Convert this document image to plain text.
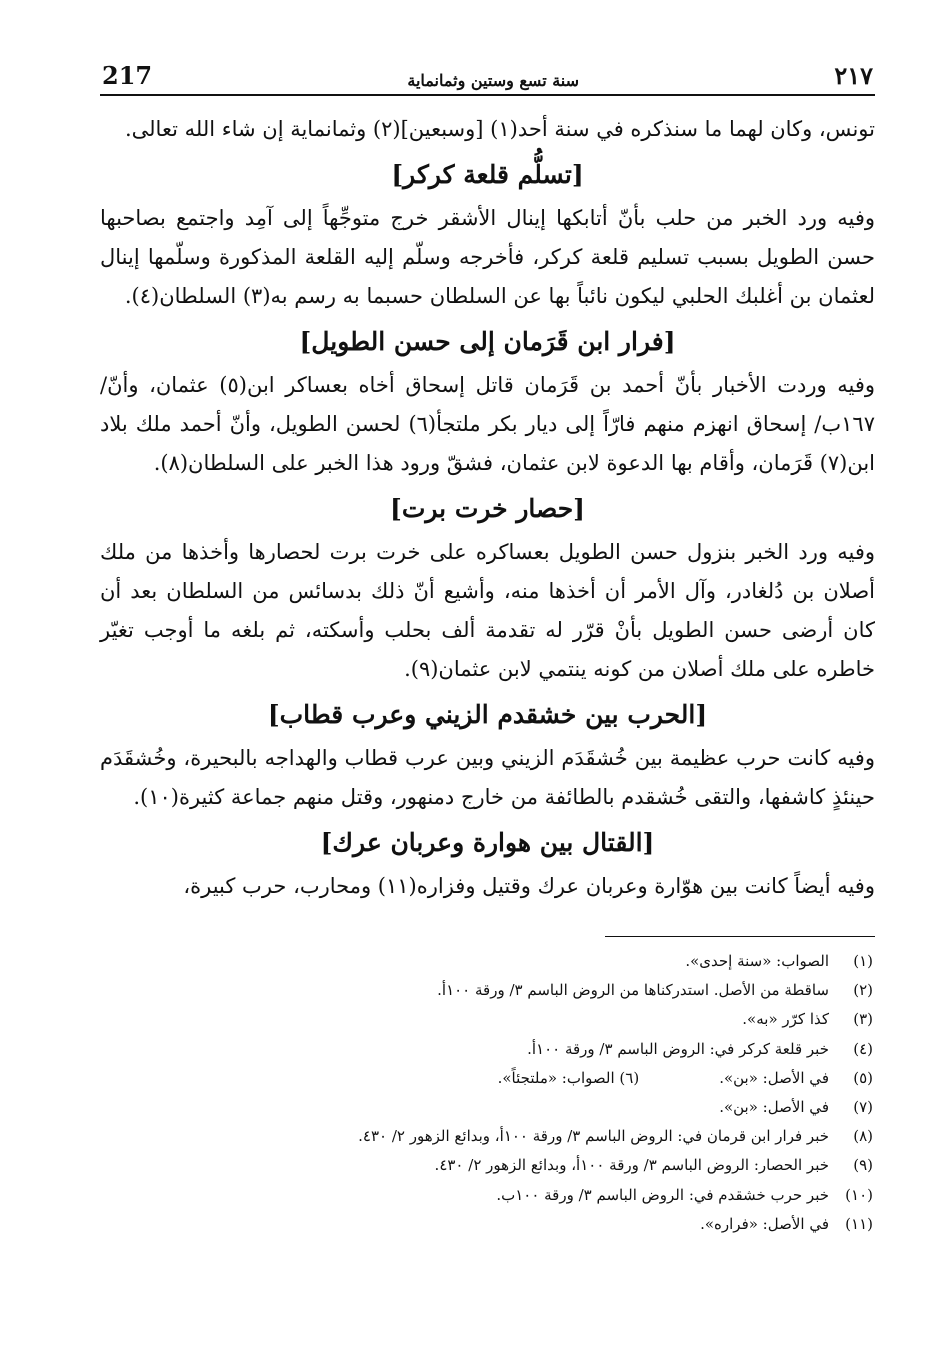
217	سنة تسع وستين وثمانماية	٢١٧

تونس، وكان لهما ما سنذكره في سنة أحد(١) [وسبعين](٢) وثمانماية إن شاء الله تعالى.

[تسلُّم قلعة كركر]

وفيه ورد الخبر من حلب بأنّ أتابكها إينال الأشقر خرج متوجِّهاً إلى آمِد واجتمع بصاحبها حسن الطويل بسبب تسليم قلعة كركر، فأخرجه وسلّم إليه القلعة المذكورة وسلّمها إينال لعثمان بن أغلبك الحلبي ليكون نائباً بها عن السلطان حسبما به رسم به(٣) السلطان(٤).

[فرار ابن قَرَمان إلى حسن الطويل]

وفيه وردت الأخبار بأنّ أحمد بن قَرَمان قاتل إسحاق أخاه بعساكر ابن(٥) عثمان، وأنّ/ ١٦٧ب/ إسحاق انهزم منهم فارّاً إلى ديار بكر ملتجأ(٦) لحسن الطويل، وأنّ أحمد ملك بلاد ابن(٧) قَرَمان، وأقام بها الدعوة لابن عثمان، فشقّ ورود هذا الخبر على السلطان(٨).

[حصار خرت برت]

وفيه ورد الخبر بنزول حسن الطويل بعساكره على خرت برت لحصارها وأخذها من ملك أصلان بن دُلغادر، وآل الأمر أن أخذها منه، وأشيع أنّ ذلك بدسائس من السلطان بعد أن كان أرضى حسن الطويل بأنْ قرّر له تقدمة ألف بحلب وأسكته، ثم بلغه ما أوجب تغيّر خاطره على ملك أصلان من كونه ينتمي لابن عثمان(٩).

[الحرب بين خشقدم الزيني وعرب قطاب]

وفيه كانت حرب عظيمة بين خُشقَدَم الزيني وبين عرب قطاب والهداجه بالبحيرة، وخُشقَدَم حينئذٍ كاشفها، والتقى خُشقدم بالطائفة من خارج دمنهور، وقتل منهم جماعة كثيرة(١٠).

[القتال بين هوارة وعربان عرك]

وفيه أيضاً كانت بين هوّارة وعربان عرك وقتيل وفزاره(١١) ومحارب، حرب كبيرة،

(١)
الصواب: «سنة إحدى».
(٢)
ساقطة من الأصل. استدركناها من الروض الباسم ٣/ ورقة ١٠٠أ.
(٣)
كذا كرّر «به».
(٤)
خبر قلعة كركر في: الروض الباسم ٣/ ورقة ١٠٠أ.
(٥)
في الأصل: «بن».
(٦) الصواب: «ملتجئاً».
(٧)
في الأصل: «بن».
(٨)
خبر فرار ابن قرمان في: الروض الباسم ٣/ ورقة ١٠٠أ، وبدائع الزهور ٢/ ٤٣٠.
(٩)
خبر الحصار: الروض الباسم ٣/ ورقة ١٠٠أ، وبدائع الزهور ٢/ ٤٣٠.
(١٠)
خبر حرب خشقدم في: الروض الباسم ٣/ ورقة ١٠٠ب.
(١١)
في الأصل: «فراره».
